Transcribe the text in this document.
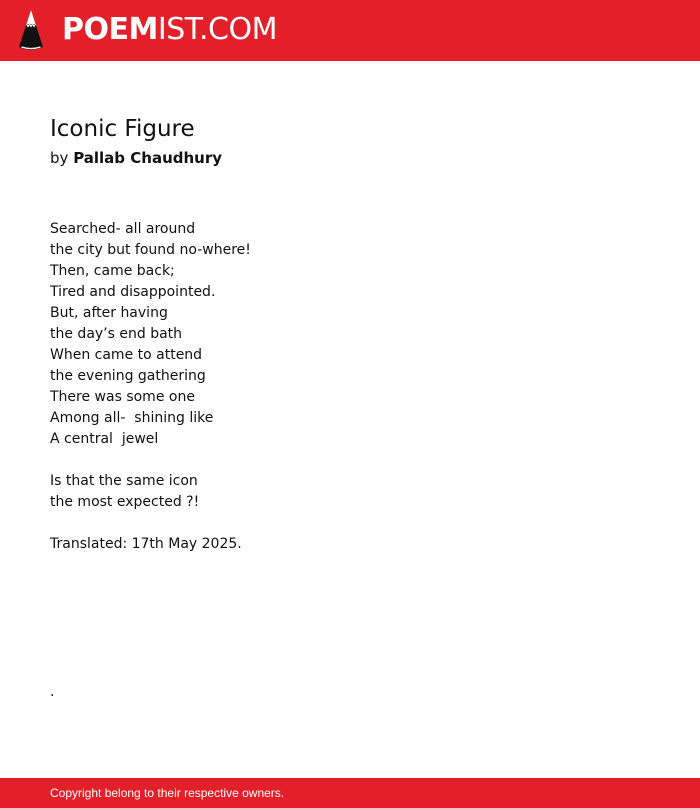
POEMIST.COM
Iconic Figure
by Pallab Chaudhury
Searched- all around
the city but found no-where!
Then, came back;
Tired and disappointed.
But, after having
the day’s end bath
When came to attend
the evening gathering
There was some one
Among all-  shining like
A central  jewel
Is that the same icon
the most expected ?!
Translated: 17th May 2025.
.
Copyright belong to their respective owners.
